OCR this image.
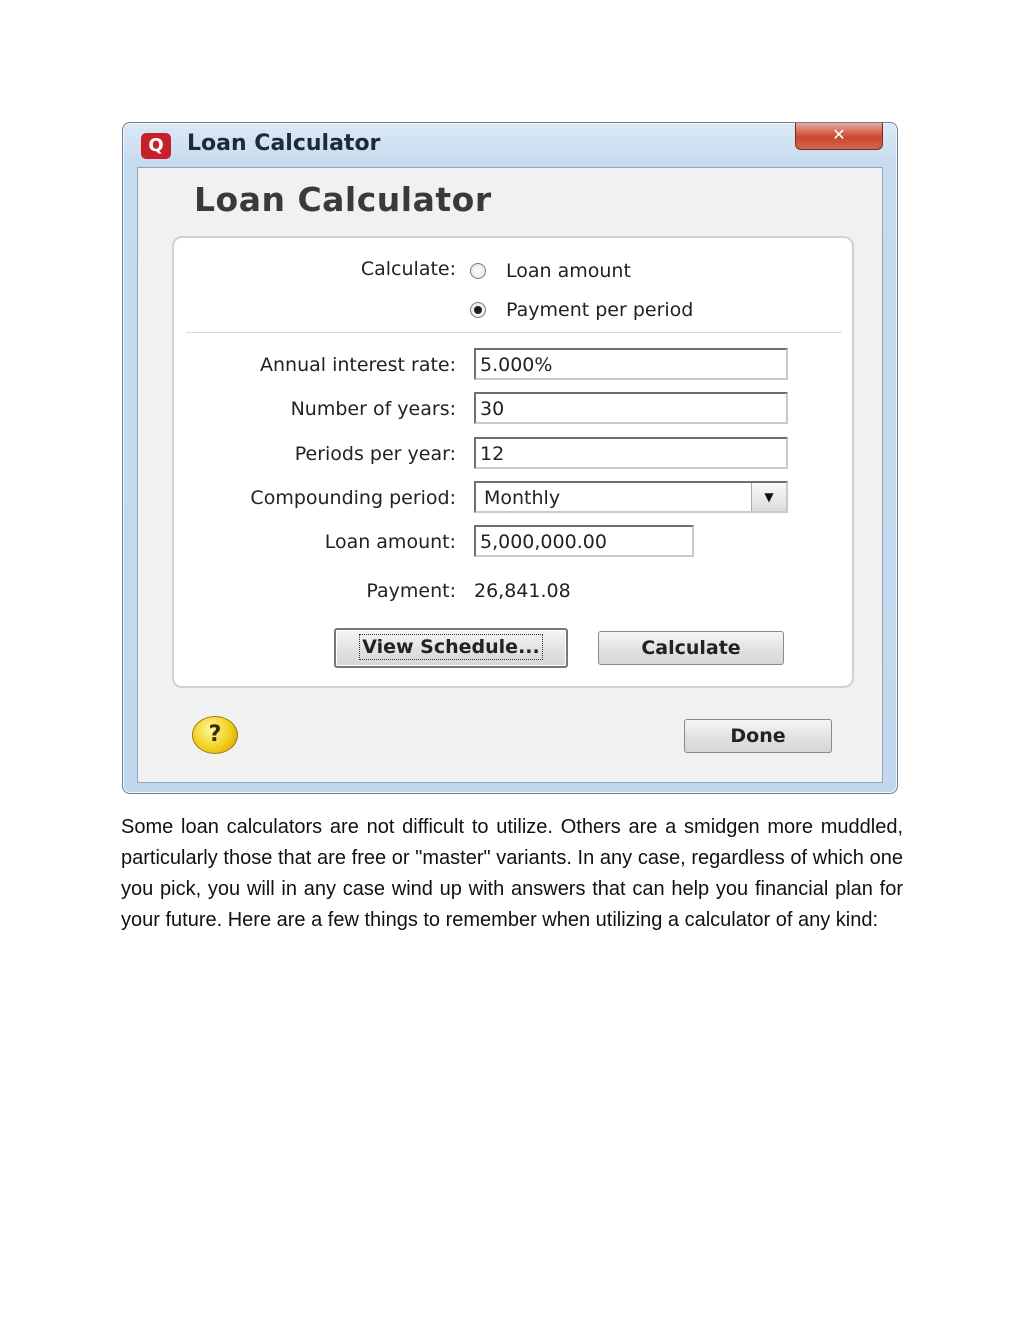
Q	Loan Calculator	✕
Loan Calculator
Calculate:	Loan amount
Payment per period
Annual interest rate:	5.000%
Number of years:	30
Periods per year:	12
Compounding period:	Monthly	▼
Loan amount:	5,000,000.00
Payment: 26,841.08
View Schedule...	Calculate
?	Done

Some loan calculators are not difficult to utilize. Others are a smidgen more muddled, particularly those that are free or "master" variants. In any case, regardless of which one you pick, you will in any case wind up with answers that can help you financial plan for your future. Here are a few things to remember when utilizing a calculator of any kind:
